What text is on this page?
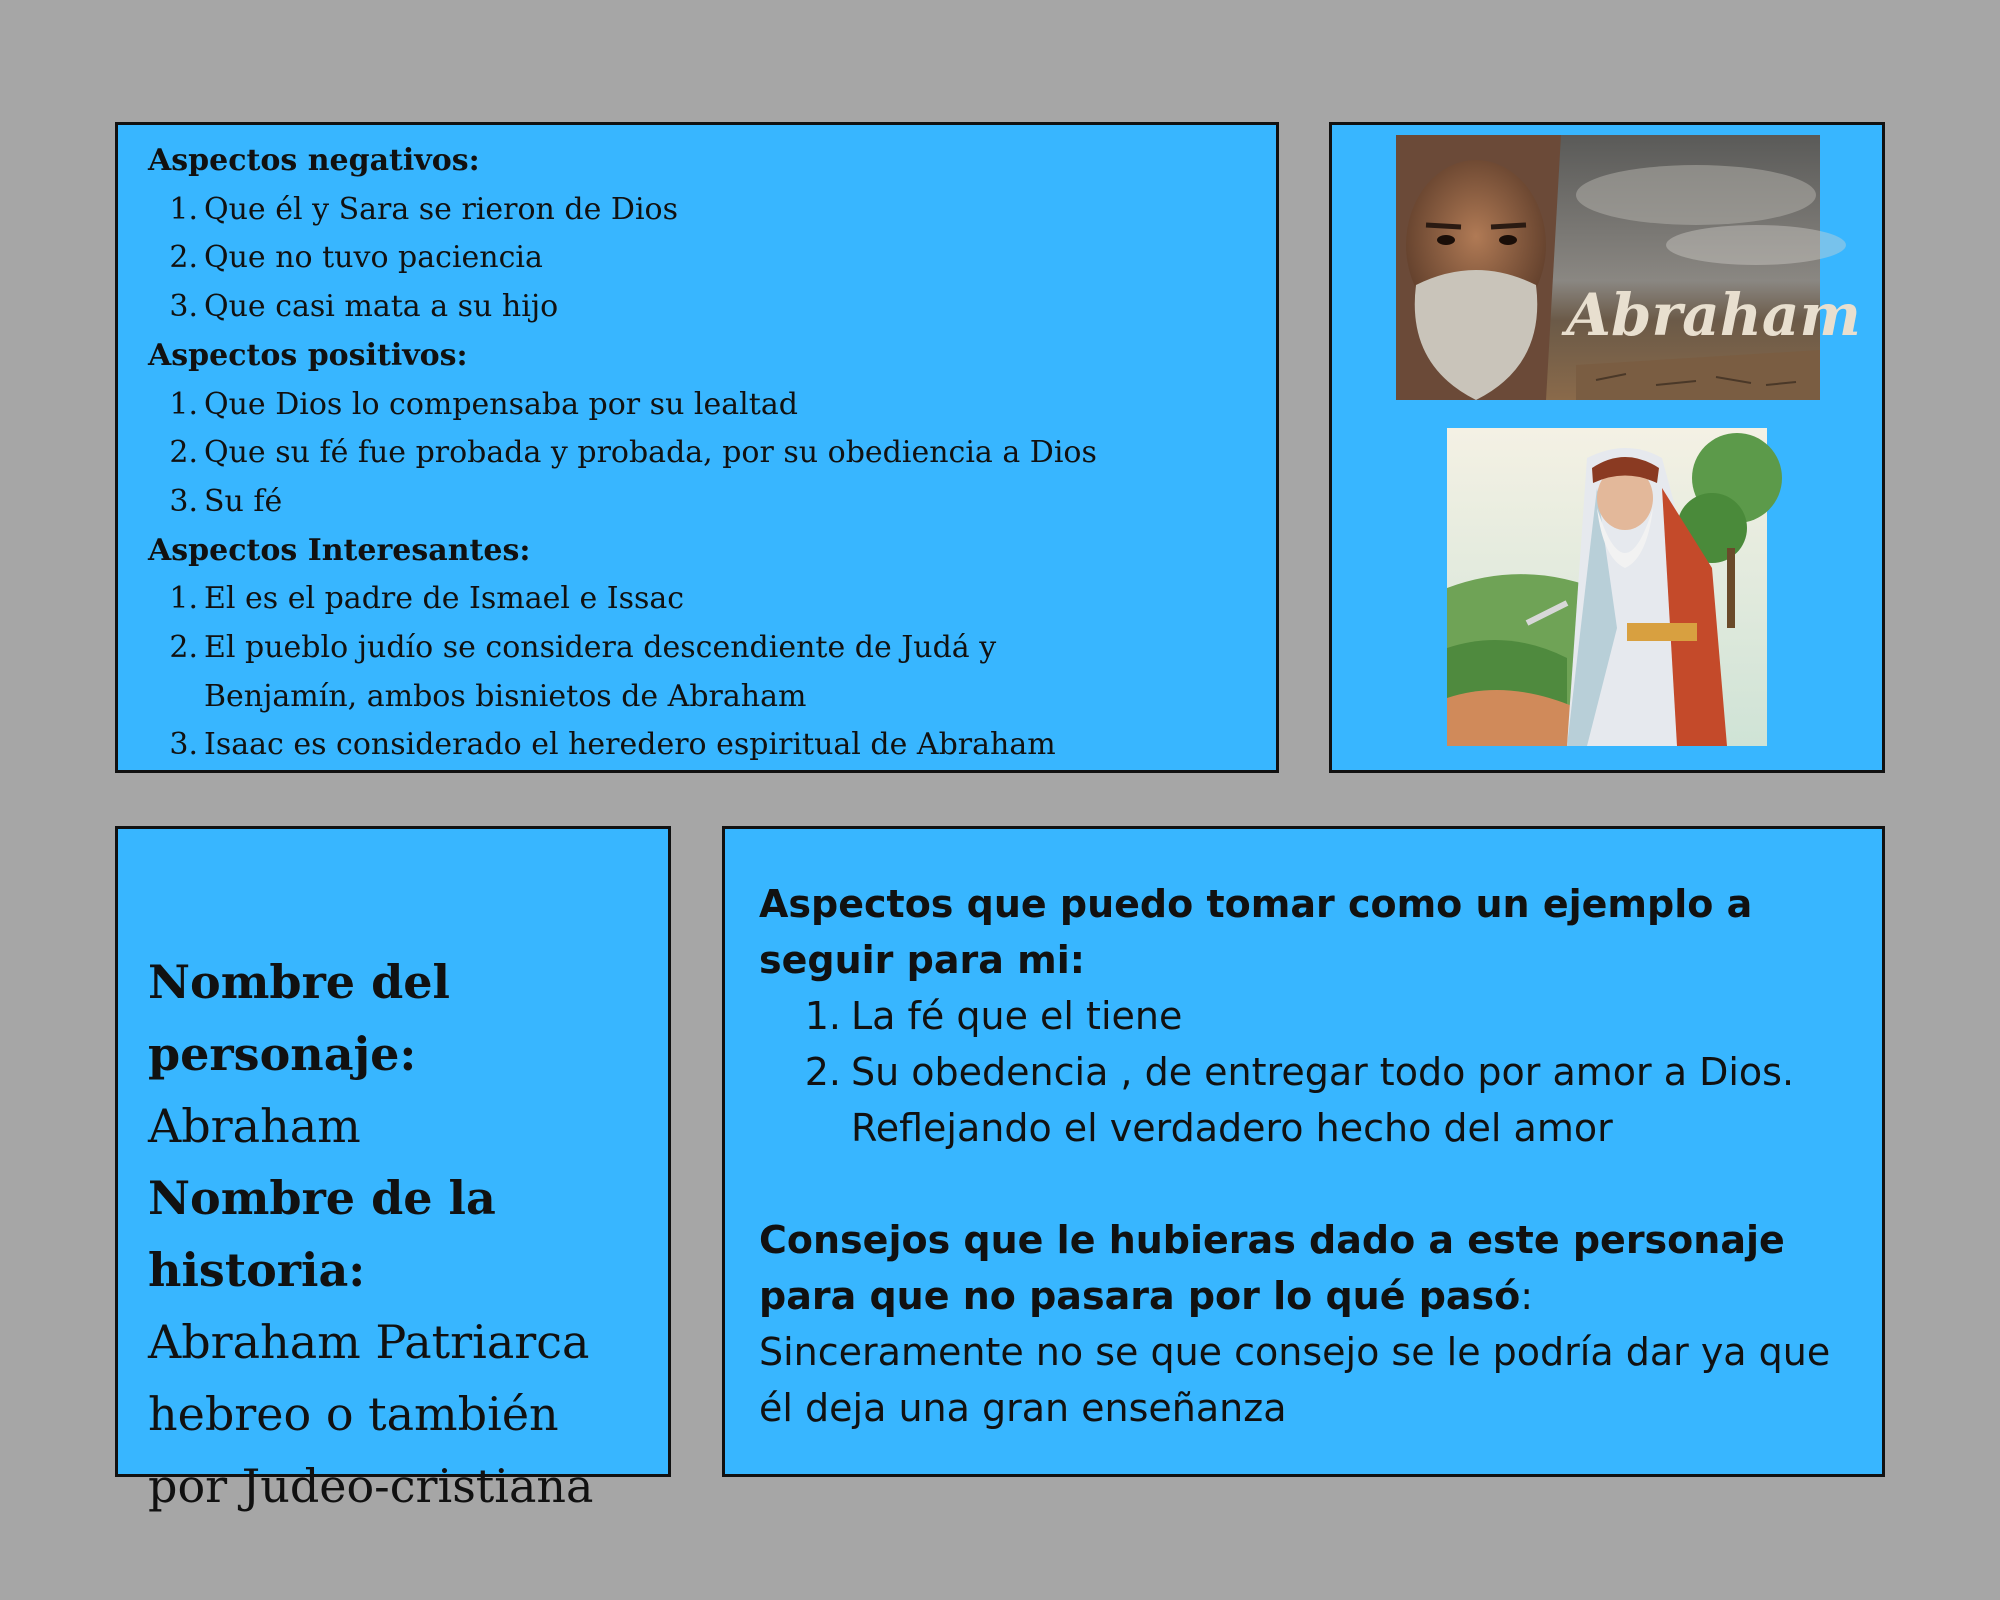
Aspectos negativos:
1. Que él y Sara se rieron de Dios
2. Que no tuvo paciencia
3. Que casi mata a su hijo
Aspectos positivos:
1. Que Dios lo compensaba por su lealtad
2. Que su fé fue probada y probada, por su obediencia a Dios
3. Su fé
Aspectos Interesantes:
1. El es el padre de Ismael e Issac
2. El pueblo judío se considera descendiente de Judá y Benjamín, ambos bisnietos de Abraham
3. Isaac es considerado el heredero espiritual de Abraham
Abraham
Nombre del personaje:
Abraham
Nombre de la historia:
Abraham Patriarca hebreo o también por Judeo-cristiana
Aspectos que puedo tomar como un ejemplo a seguir para mi:
1. La fé que el tiene
2. Su obedencia , de entregar todo por amor a Dios. Reflejando el verdadero hecho del amor
Consejos que le hubieras dado a este personaje para que no pasara por lo qué pasó:
Sinceramente no se que consejo se le podría dar ya que él deja una gran enseñanza
